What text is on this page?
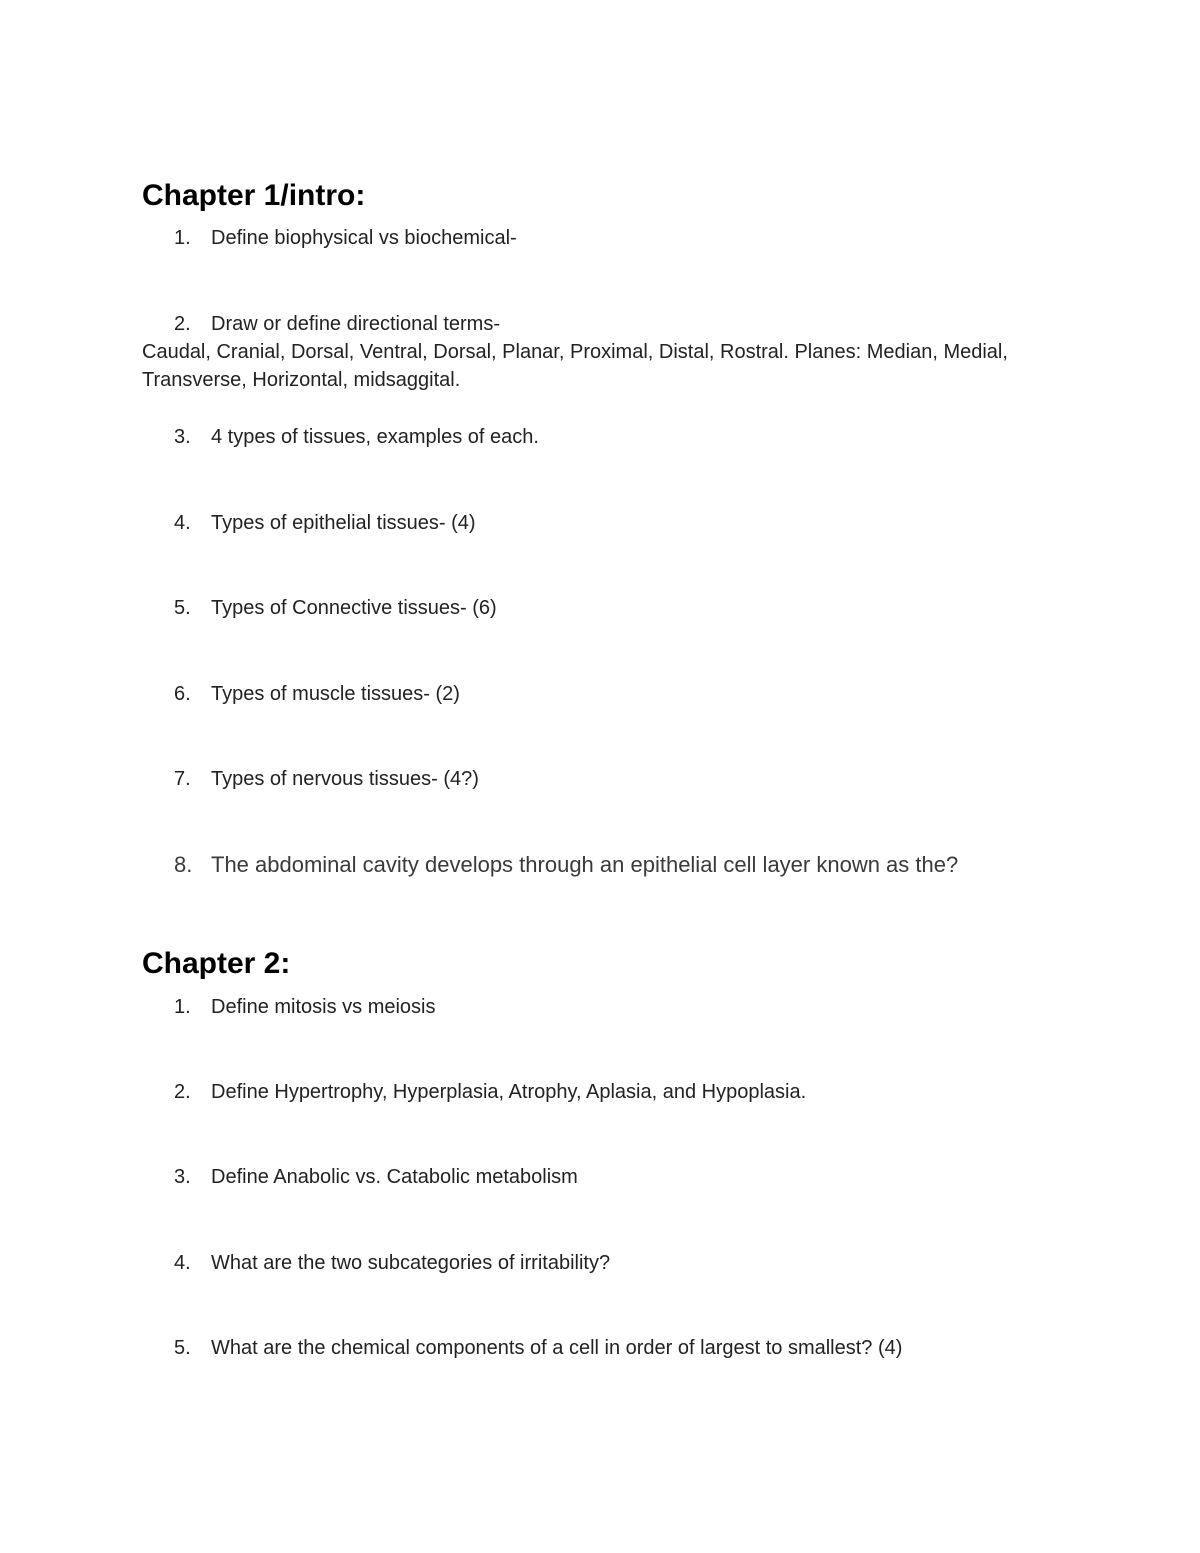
Chapter 1/intro:
1.	Define biophysical vs biochemical-
2.	Draw or define directional terms-
Caudal, Cranial, Dorsal, Ventral, Dorsal, Planar, Proximal, Distal, Rostral. Planes: Median, Medial, Transverse, Horizontal, midsaggital.
3.	4 types of tissues, examples of each.
4.	Types of epithelial tissues- (4)
5.	Types of Connective tissues- (6)
6.	Types of muscle tissues- (2)
7.	Types of nervous tissues- (4?)
8. The abdominal cavity develops through an epithelial cell layer known as the?
Chapter 2:
1.	Define mitosis vs meiosis
2.	Define Hypertrophy, Hyperplasia, Atrophy, Aplasia, and Hypoplasia.
3.	Define Anabolic vs. Catabolic metabolism
4.	What are the two subcategories of irritability?
5.	What are the chemical components of a cell in order of largest to smallest? (4)
